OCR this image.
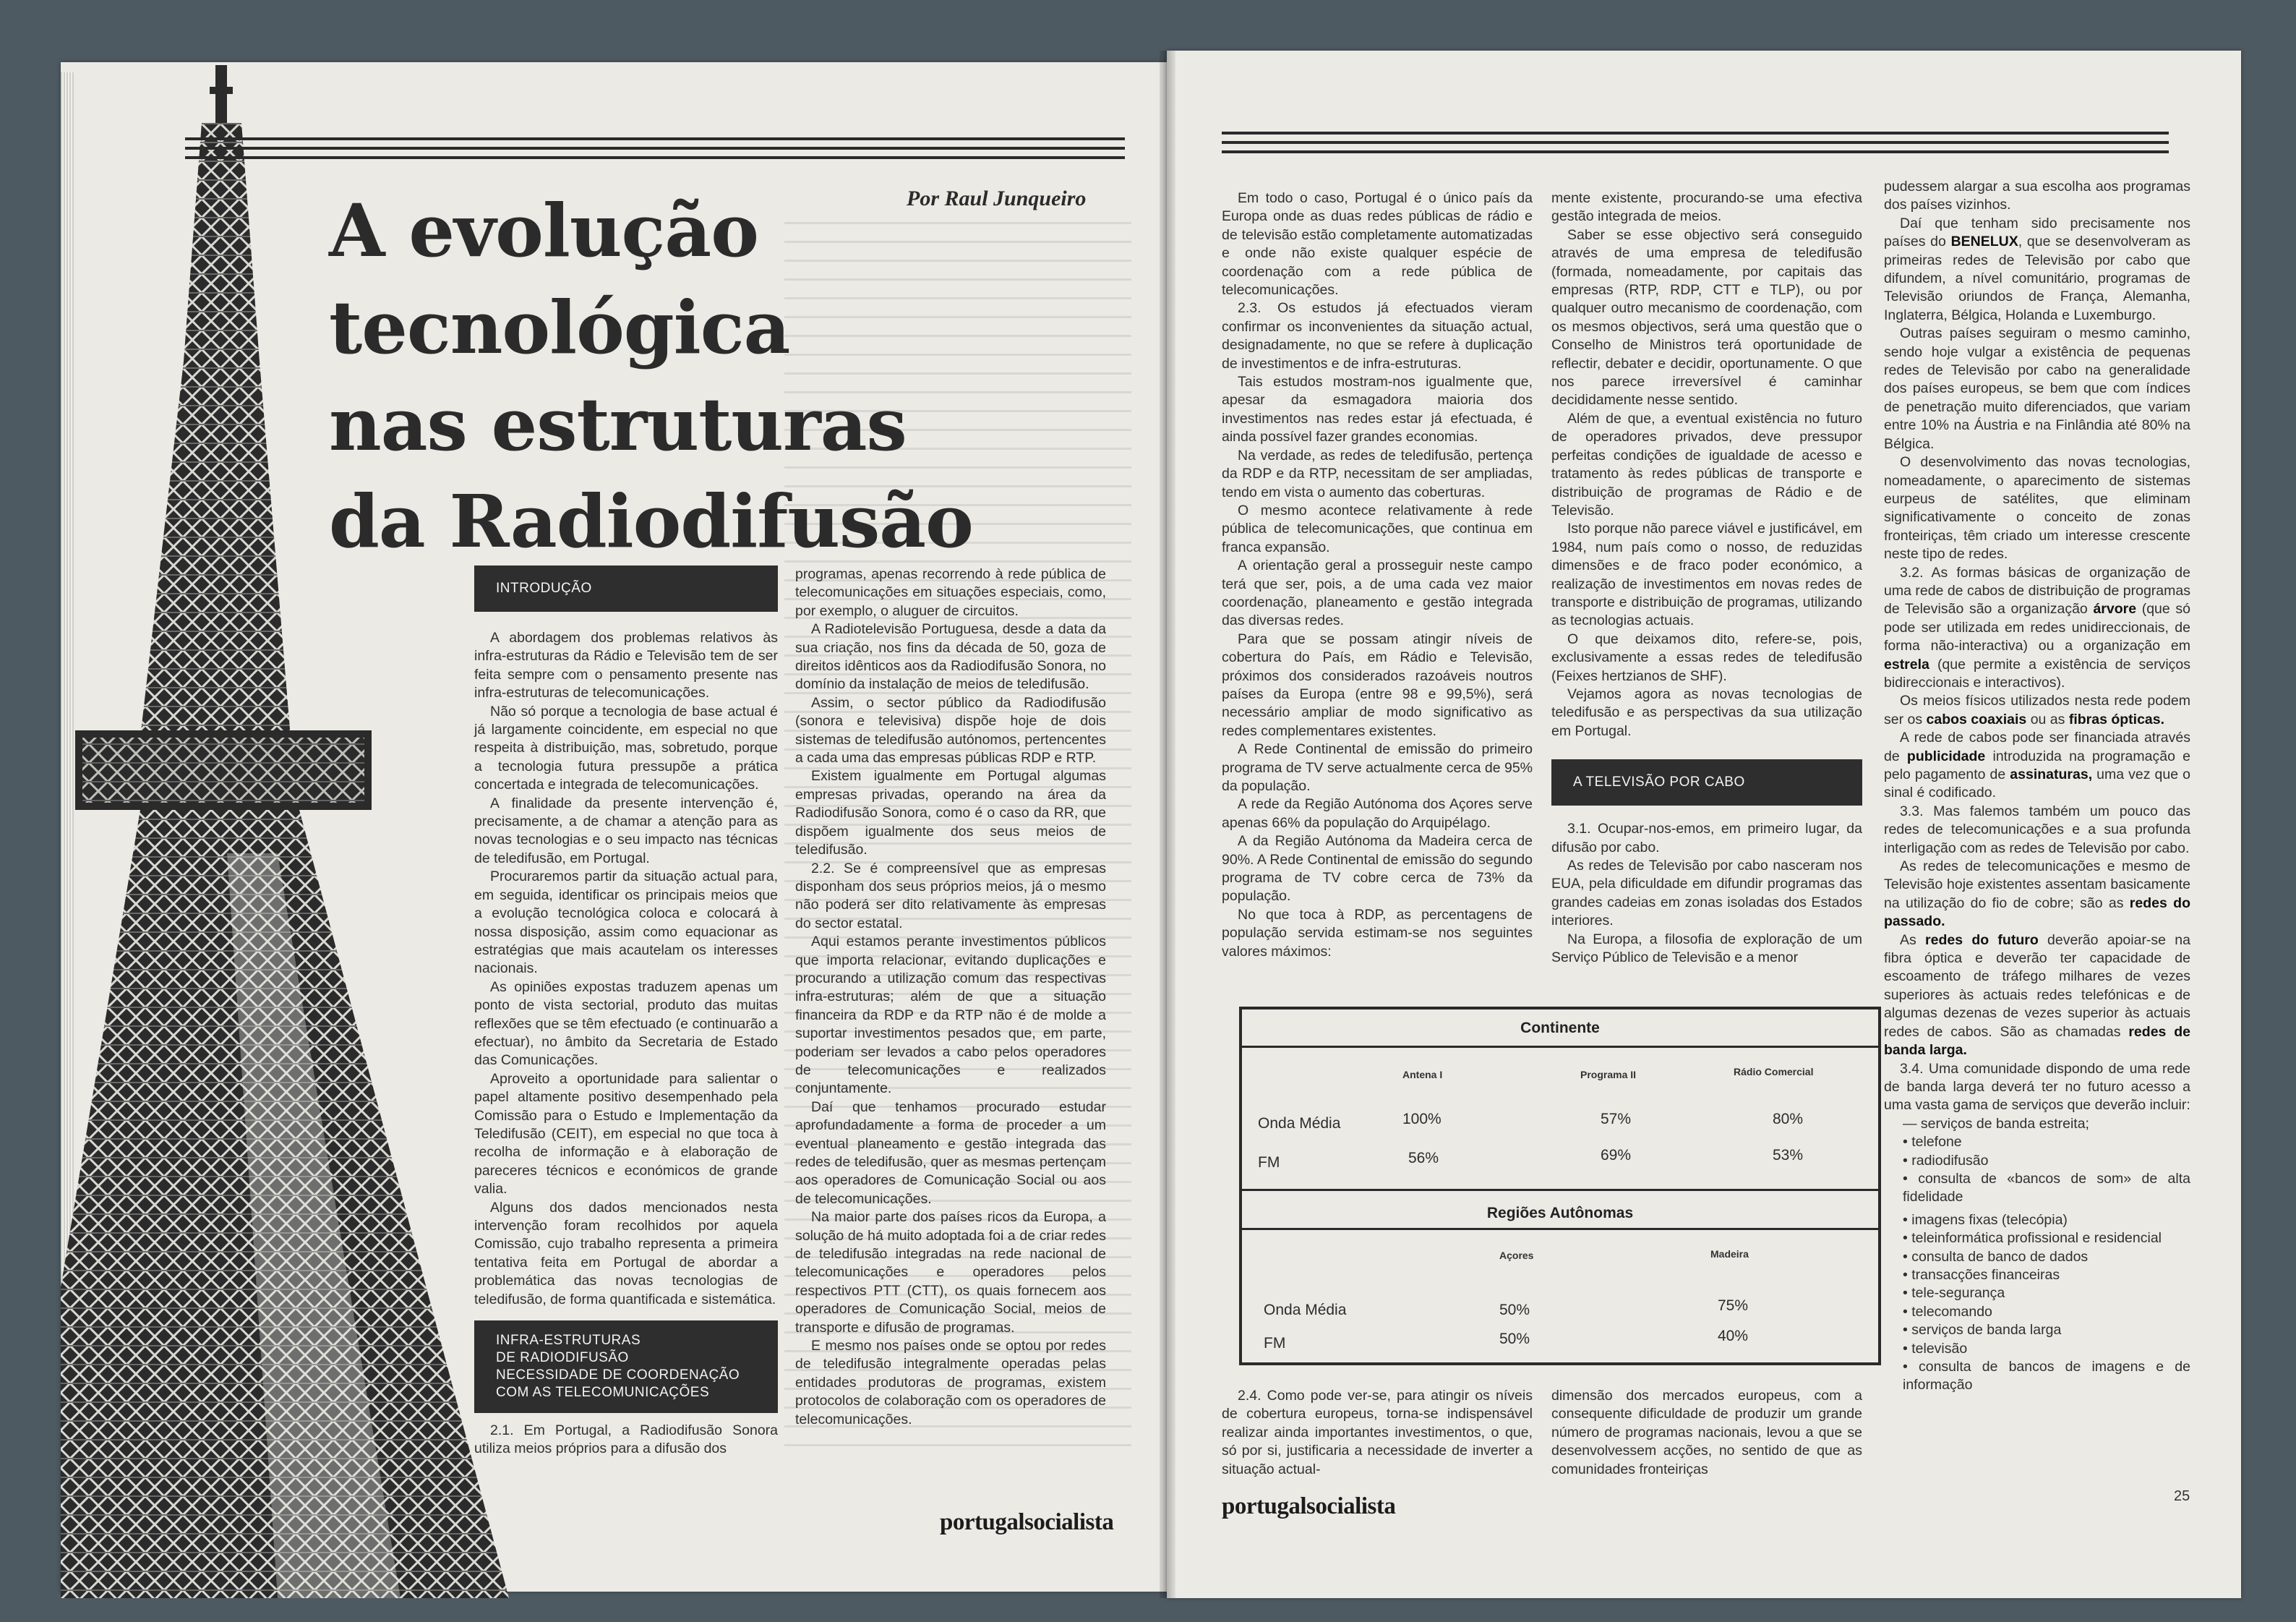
A evolução
tecnológica
nas estruturas
da Radiodifusão
Por Raul Junqueiro
INTRODUÇÃO

A abordagem dos problemas relativos às infra-estruturas da Rádio e Televisão tem de ser feita sempre com o pensamento presente nas infra-estruturas de telecomunicações.

Não só porque a tecnologia de base actual é já largamente coincidente, em especial no que respeita à distribuição, mas, sobretudo, porque a tecnologia futura pressupõe a prática concertada e integrada de telecomunicações.

A finalidade da presente intervenção é, precisamente, a de chamar a atenção para as novas tecnologias e o seu impacto nas técnicas de teledifusão, em Portugal.

Procuraremos partir da situação actual para, em seguida, identificar os principais meios que a evolução tecnológica coloca e colocará à nossa disposição, assim como equacionar as estratégias que mais acautelam os interesses nacionais.

As opiniões expostas traduzem apenas um ponto de vista sectorial, produto das muitas reflexões que se têm efectuado (e continuarão a efectuar), no âmbito da Secretaria de Estado das Comunicações.

Aproveito a oportunidade para salientar o papel altamente positivo desempenhado pela Comissão para o Estudo e Implementação da Teledifusão (CEIT), em especial no que toca à recolha de informação e à elaboração de pareceres técnicos e económicos de grande valia.

Alguns dos dados mencionados nesta intervenção foram recolhidos por aquela Comissão, cujo trabalho representa a primeira tentativa feita em Portugal de abordar a problemática das novas tecnologias de teledifusão, de forma quantificada e sistemática.

INFRA-ESTRUTURAS
DE RADIODIFUSÃO
NECESSIDADE DE COORDENAÇÃO
COM AS TELECOMUNICAÇÕES

2.1. Em Portugal, a Radiodifusão Sonora utiliza meios próprios para a difusão dos

programas, apenas recorrendo à rede pública de telecomunicações em situações especiais, como, por exemplo, o aluguer de circuitos.

A Radiotelevisão Portuguesa, desde a data da sua criação, nos fins da década de 50, goza de direitos idênticos aos da Radiodifusão Sonora, no domínio da instalação de meios de teledifusão.

Assim, o sector público da Radiodifusão (sonora e televisiva) dispõe hoje de dois sistemas de teledifusão autónomos, pertencentes a cada uma das empresas públicas RDP e RTP.

Existem igualmente em Portugal algumas empresas privadas, operando na área da Radiodifusão Sonora, como é o caso da RR, que dispõem igualmente dos seus meios de teledifusão.

2.2. Se é compreensível que as empresas disponham dos seus próprios meios, já o mesmo não poderá ser dito relativamente às empresas do sector estatal.

Aqui estamos perante investimentos públicos que importa relacionar, evitando duplicações e procurando a utilização comum das respectivas infra-estruturas; além de que a situação financeira da RDP e da RTP não é de molde a suportar investimentos pesados que, em parte, poderiam ser levados a cabo pelos operadores de telecomunicações e realizados conjuntamente.

Daí que tenhamos procurado estudar aprofundadamente a forma de proceder a um eventual planeamento e gestão integrada das redes de teledifusão, quer as mesmas pertençam aos operadores de Comunicação Social ou aos de telecomunicações.

Na maior parte dos países ricos da Europa, a solução de há muito adoptada foi a de criar redes de teledifusão integradas na rede nacional de telecomunicações e operadores pelos respectivos PTT (CTT), os quais fornecem aos operadores de Comunicação Social, meios de transporte e difusão de programas.

E mesmo nos países onde se optou por redes de teledifusão integralmente operadas pelas entidades produtoras de programas, existem protocolos de colaboração com os operadores de telecomunicações.

portugalsocialista

Em todo o caso, Portugal é o único país da Europa onde as duas redes públicas de rádio e de televisão estão completamente automatizadas e onde não existe qualquer espécie de coordenação com a rede pública de telecomunicações.

2.3. Os estudos já efectuados vieram confirmar os inconvenientes da situação actual, designadamente, no que se refere à duplicação de investimentos e de infra-estruturas.

Tais estudos mostram-nos igualmente que, apesar da esmagadora maioria dos investimentos nas redes estar já efectuada, é ainda possível fazer grandes economias.

Na verdade, as redes de teledifusão, pertença da RDP e da RTP, necessitam de ser ampliadas, tendo em vista o aumento das coberturas.

O mesmo acontece relativamente à rede pública de telecomunicações, que continua em franca expansão.

A orientação geral a prosseguir neste campo terá que ser, pois, a de uma cada vez maior coordenação, planeamento e gestão integrada das diversas redes.

Para que se possam atingir níveis de cobertura do País, em Rádio e Televisão, próximos dos considerados razoáveis noutros países da Europa (entre 98 e 99,5%), será necessário ampliar de modo significativo as redes complementares existentes.

A Rede Continental de emissão do primeiro programa de TV serve actualmente cerca de 95% da população.

A rede da Região Autónoma dos Açores serve apenas 66% da população do Arquipélago.

A da Região Autónoma da Madeira cerca de 90%. A Rede Continental de emissão do segundo programa de TV cobre cerca de 73% da população.

No que toca à RDP, as percentagens de população servida estimam-se nos seguintes valores máximos:

mente existente, procurando-se uma efectiva gestão integrada de meios.

Saber se esse objectivo será conseguido através de uma empresa de teledifusão (formada, nomeadamente, por capitais das empresas (RTP, RDP, CTT e TLP), ou por qualquer outro mecanismo de coordenação, com os mesmos objectivos, será uma questão que o Conselho de Ministros terá oportunidade de reflectir, debater e decidir, oportunamente. O que nos parece irreversível é caminhar decididamente nesse sentido.

Além de que, a eventual existência no futuro de operadores privados, deve pressupor perfeitas condições de igualdade de acesso e tratamento às redes públicas de transporte e distribuição de programas de Rádio e de Televisão.

Isto porque não parece viável e justificável, em 1984, num país como o nosso, de reduzidas dimensões e de fraco poder económico, a realização de investimentos em novas redes de transporte e distribuição de programas, utilizando as tecnologias actuais.

O que deixamos dito, refere-se, pois, exclusivamente a essas redes de teledifusão (Feixes hertzianos de SHF).

Vejamos agora as novas tecnologias de teledifusão e as perspectivas da sua utilização em Portugal.

A TELEVISÃO POR CABO

3.1. Ocupar-nos-emos, em primeiro lugar, da difusão por cabo.

As redes de Televisão por cabo nasceram nos EUA, pela dificuldade em difundir programas das grandes cadeias em zonas isoladas dos Estados interiores.

Na Europa, a filosofia de exploração de um Serviço Público de Televisão e a menor

Continente
Antena I	Programa II	Rádio Comercial
Onda Média	100%	57%	80%
FM	56%	69%	53%
Regiões Autônomas
Açores	Madeira
Onda Média	50%	75%
FM	50%	40%

2.4. Como pode ver-se, para atingir os níveis de cobertura europeus, torna-se indispensável realizar ainda importantes investimentos, o que, só por si, justificaria a necessidade de inverter a situação actual-

dimensão dos mercados europeus, com a consequente dificuldade de produzir um grande número de programas nacionais, levou a que se desenvolvessem acções, no sentido de que as comunidades fronteiriças

pudessem alargar a sua escolha aos programas dos países vizinhos.

Daí que tenham sido precisamente nos países do BENELUX, que se desenvolveram as primeiras redes de Televisão por cabo que difundem, a nível comunitário, programas de Televisão oriundos de França, Alemanha, Inglaterra, Bélgica, Holanda e Luxemburgo.

Outras países seguiram o mesmo caminho, sendo hoje vulgar a existência de pequenas redes de Televisão por cabo na generalidade dos países europeus, se bem que com índices de penetração muito diferenciados, que variam entre 10% na Áustria e na Finlândia até 80% na Bélgica.

O desenvolvimento das novas tecnologias, nomeadamente, o aparecimento de sistemas eurpeus de satélites, que eliminam significativamente o conceito de zonas fronteiriças, têm criado um interesse crescente neste tipo de redes.

3.2. As formas básicas de organização de uma rede de cabos de distribuição de programas de Televisão são a organização árvore (que só pode ser utilizada em redes unidireccionais, de forma não-interactiva) ou a organização em estrela (que permite a existência de serviços bidireccionais e interactivos).

Os meios físicos utilizados nesta rede podem ser os cabos coaxiais ou as fibras ópticas.

A rede de cabos pode ser financiada através de publicidade introduzida na programação e pelo pagamento de assinaturas, uma vez que o sinal é codificado.

3.3. Mas falemos também um pouco das redes de telecomunicações e a sua profunda interligação com as redes de Televisão por cabo.

As redes de telecomunicações e mesmo de Televisão hoje existentes assentam basicamente na utilização do fio de cobre; são as redes do passado.

As redes do futuro deverão apoiar-se na fibra óptica e deverão ter capacidade de escoamento de tráfego milhares de vezes superiores às actuais redes telefónicas e de algumas dezenas de vezes superior às actuais redes de cabos. São as chamadas redes de banda larga.

3.4. Uma comunidade dispondo de uma rede de banda larga deverá ter no futuro acesso a uma vasta gama de serviços que deverão incluir:

— serviços de banda estreita;
• telefone
• radiodifusão
• consulta de «bancos de som» de alta fidelidade
• imagens fixas (telecópia)
• teleinformática profissional e residencial
• consulta de banco de dados
• transacções financeiras
• tele-segurança
• telecomando
• serviços de banda larga
• televisão
• consulta de bancos de imagens e de informação
portugalsocialista	25
